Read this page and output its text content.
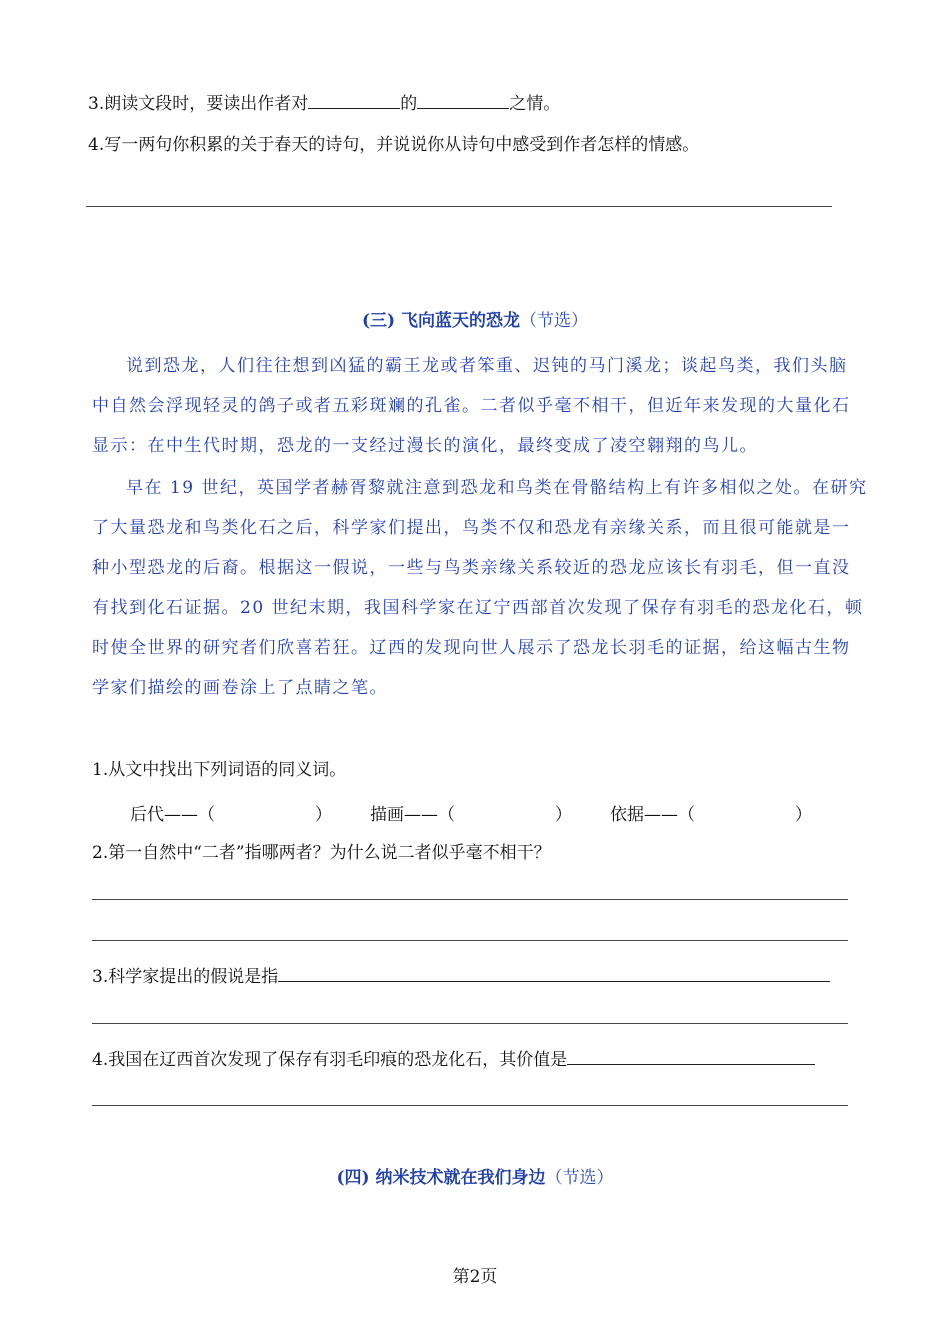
3.朗读文段时，要读出作者对	的	之情。
4.写一两句你积累的关于春天的诗句，并说说你从诗句中感受到作者怎样的情感。
(三) 飞向蓝天的恐龙（节选）
说到恐龙，人们往往想到凶猛的霸王龙或者笨重、迟钝的马门溪龙；谈起鸟类，我们头脑
中自然会浮现轻灵的鸽子或者五彩斑斓的孔雀。二者似乎毫不相干，但近年来发现的大量化石
显示：在中生代时期，恐龙的一支经过漫长的演化，最终变成了凌空翱翔的鸟儿。
早在 19 世纪，英国学者赫胥黎就注意到恐龙和鸟类在骨骼结构上有许多相似之处。在研究
了大量恐龙和鸟类化石之后，科学家们提出，鸟类不仅和恐龙有亲缘关系，而且很可能就是一
种小型恐龙的后裔。根据这一假说，一些与鸟类亲缘关系较近的恐龙应该长有羽毛，但一直没
有找到化石证据。20 世纪末期，我国科学家在辽宁西部首次发现了保存有羽毛的恐龙化石，顿
时使全世界的研究者们欣喜若狂。辽西的发现向世人展示了恐龙长羽毛的证据，给这幅古生物
学家们描绘的画卷涂上了点睛之笔。
1.从文中找出下列词语的同义词。
后代——（	） 描画——（	） 依据——（	）
2.第一自然中“二者”指哪两者？为什么说二者似乎毫不相干？
3.科学家提出的假说是指
4.我国在辽西首次发现了保存有羽毛印痕的恐龙化石，其价值是
(四) 纳米技术就在我们身边（节选）
第2页
